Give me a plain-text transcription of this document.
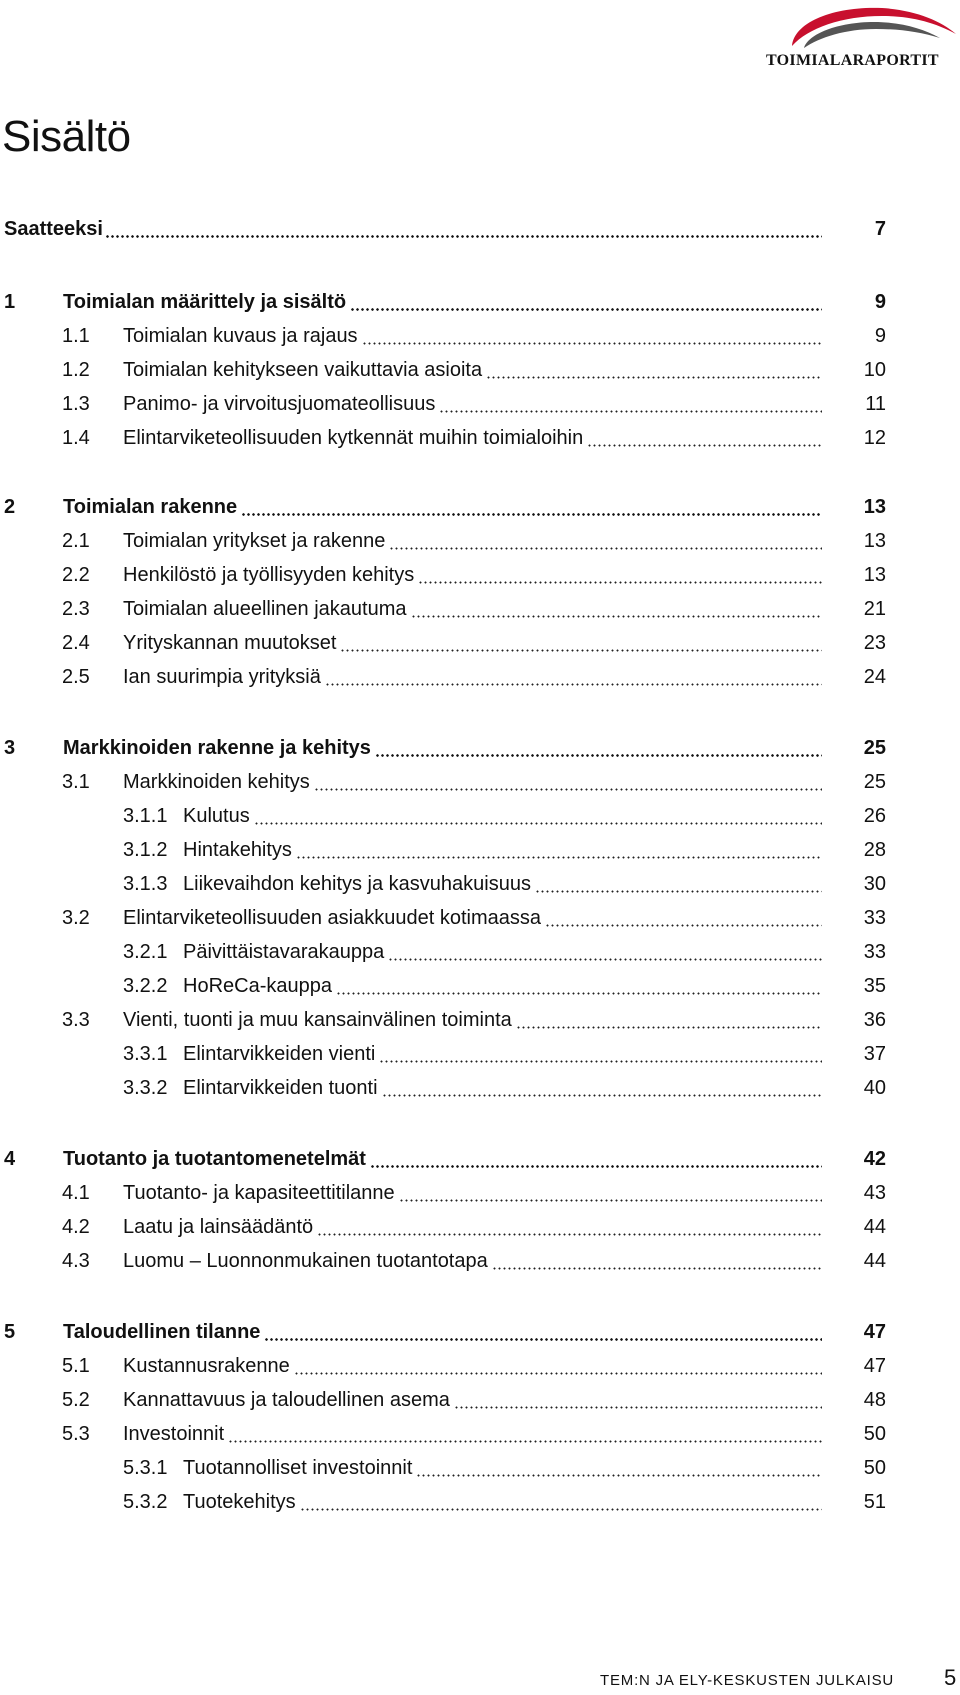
TOIMIALARAPORTIT
Sisältö
Saatteeksi	7
1 Toimialan määrittely ja sisältö	9
1.1 Toimialan kuvaus ja rajaus	9
1.2 Toimialan kehitykseen vaikuttavia asioita	10
1.3 Panimo- ja virvoitusjuomateollisuus	11
1.4 Elintarviketeollisuuden kytkennät muihin toimialoihin	12
2 Toimialan rakenne	13
2.1 Toimialan yritykset ja rakenne	13
2.2 Henkilöstö ja työllisyyden kehitys	13
2.3 Toimialan alueellinen jakautuma	21
2.4 Yrityskannan muutokset	23
2.5 Ian suurimpia yrityksiä	24
3 Markkinoiden rakenne ja kehitys	25
3.1 Markkinoiden kehitys	25
3.1.1 Kulutus	26
3.1.2 Hintakehitys	28
3.1.3 Liikevaihdon kehitys ja kasvuhakuisuus	30
3.2 Elintarviketeollisuuden asiakkuudet kotimaassa	33
3.2.1 Päivittäistavarakauppa	33
3.2.2 HoReCa-kauppa	35
3.3 Vienti, tuonti ja muu kansainvälinen toiminta	36
3.3.1 Elintarvikkeiden vienti	37
3.3.2 Elintarvikkeiden tuonti	40
4 Tuotanto ja tuotantomenetelmät	42
4.1 Tuotanto- ja kapasiteettitilanne	43
4.2 Laatu ja lainsäädäntö	44
4.3 Luomu – Luonnonmukainen tuotantotapa	44
5 Taloudellinen tilanne	47
5.1 Kustannusrakenne	47
5.2 Kannattavuus ja taloudellinen asema	48
5.3 Investoinnit	50
5.3.1 Tuotannolliset investoinnit	50
5.3.2 Tuotekehitys	51
TEM:N JA ELY-KESKUSTEN JULKAISU 5
